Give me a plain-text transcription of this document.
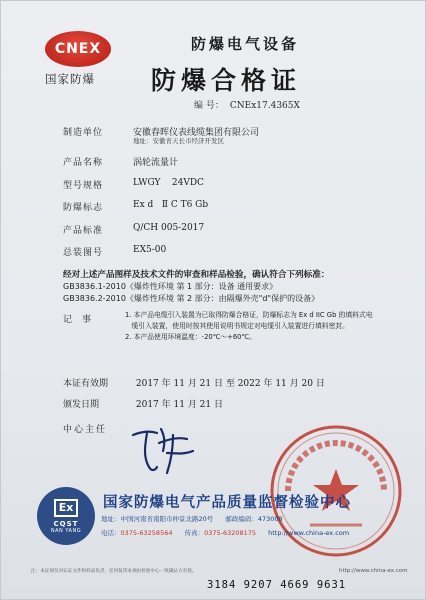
CNEX
国家防爆
防爆电气设备
防爆合格证
编 号： CNEx17.4365X
制造单位	安徽春晖仪表线缆集团有限公司
地址：安徽省天长市经济开发区
产品名称	涡轮流量计
型号规格	LWGY    24VDC
防爆标志	Ex d   Ⅱ C T6 Gb
产品标准	Q/CH 005-2017
总装图号	EX5-00
经对上述产品图样及技术文件的审查和样品检验，确认符合下列标准：
GB3836.1-2010《爆炸性环境 第 1 部分：设备 通用要求》
GB3836.2-2010《爆炸性环境 第 2 部分：由隔爆外壳"d"保护的设备》
记事	1. 本产品电缆引入装置为已取得防爆合格证，防爆标志为 Ex d IIC Gb 的填料式电
缆引入装置，使用时按其使用说明书规定对电缆引入装置进行填料密封。
2. 本产品使用环境温度：-20℃～+60℃。
本证有效期	2017 年 11 月 21 日 至 2022 年 11 月 20 日
颁发日期	2017 年 11 月 21 日
中心主任
Ex
CQST
NAN YANG
国家防爆电气产品质量监督检验中心
地址：中国河南省南阳市仲景北路20号 邮政编码：473008
电话：0375-63258564 传真：0375-63208175 http://www.china-ex.com
注：本证须仅对认证文件和样品负责，任何复印本须由检验中心一致确认方有效。	http://www.china-ex.com
3184 9207 4669 9631
